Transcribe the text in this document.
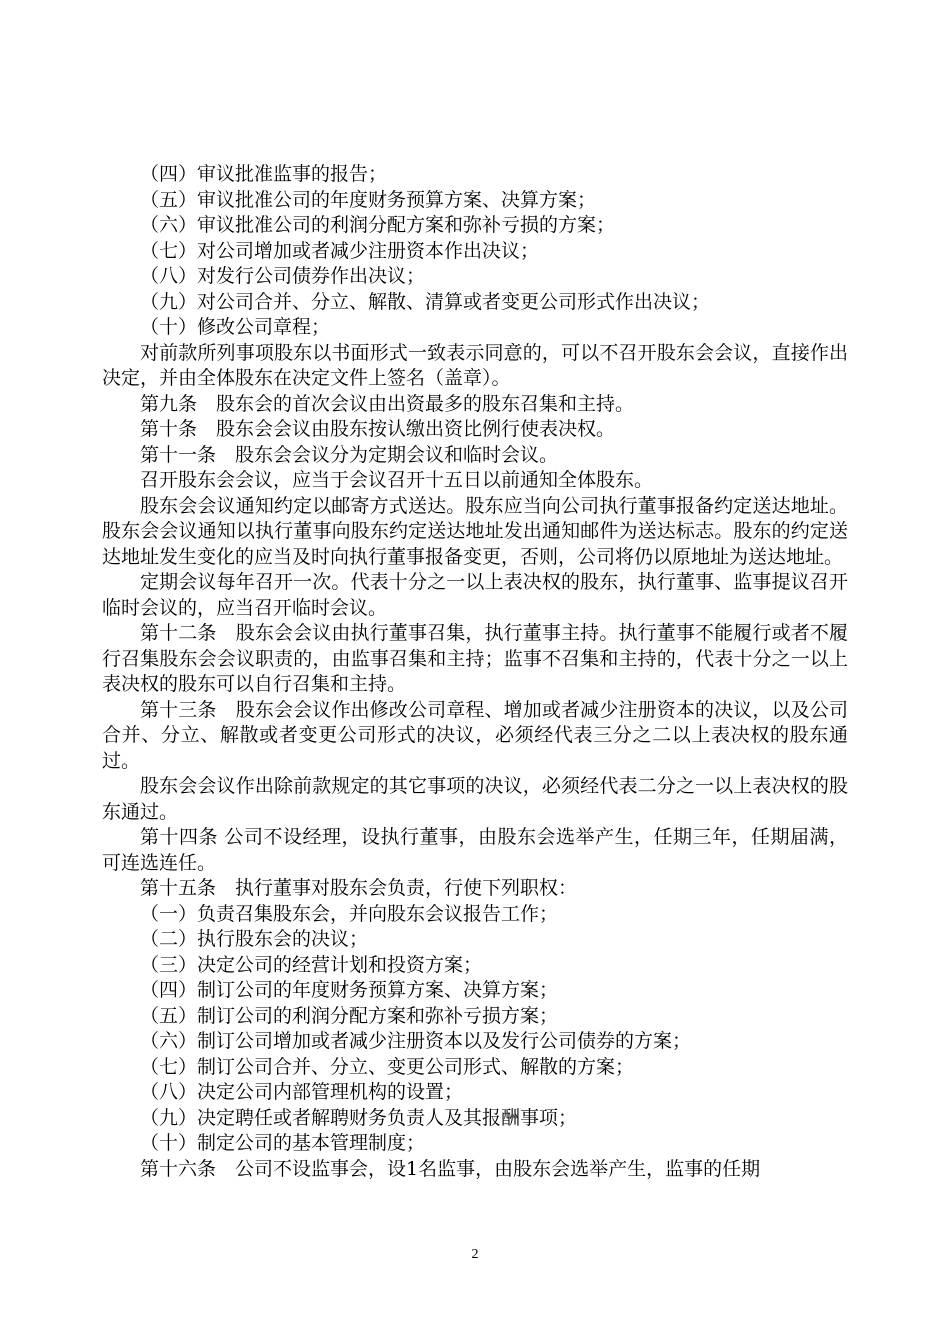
（四）审议批准监事的报告；

（五）审议批准公司的年度财务预算方案、决算方案；

（六）审议批准公司的利润分配方案和弥补亏损的方案；

（七）对公司增加或者减少注册资本作出决议；

（八）对发行公司债券作出决议；

（九）对公司合并、分立、解散、清算或者变更公司形式作出决议；

（十）修改公司章程；

对前款所列事项股东以书面形式一致表示同意的，可以不召开股东会会议，直接作出决定，并由全体股东在决定文件上签名（盖章）。

第九条　股东会的首次会议由出资最多的股东召集和主持。

第十条　股东会会议由股东按认缴出资比例行使表决权。

第十一条　股东会会议分为定期会议和临时会议。

召开股东会会议，应当于会议召开十五日以前通知全体股东。

股东会会议通知约定以邮寄方式送达。股东应当向公司执行董事报备约定送达地址。股东会会议通知以执行董事向股东约定送达地址发出通知邮件为送达标志。股东的约定送达地址发生变化的应当及时向执行董事报备变更，否则，公司将仍以原地址为送达地址。

定期会议每年召开一次。代表十分之一以上表决权的股东，执行董事、监事提议召开临时会议的，应当召开临时会议。

第十二条　股东会会议由执行董事召集，执行董事主持。执行董事不能履行或者不履行召集股东会会议职责的，由监事召集和主持；监事不召集和主持的，代表十分之一以上表决权的股东可以自行召集和主持。

第十三条　股东会会议作出修改公司章程、增加或者减少注册资本的决议，以及公司合并、分立、解散或者变更公司形式的决议，必须经代表三分之二以上表决权的股东通过。

股东会会议作出除前款规定的其它事项的决议，必须经代表二分之一以上表决权的股东通过。

第十四条 公司不设经理，设执行董事，由股东会选举产生，任期三年，任期届满，可连选连任。

第十五条　执行董事对股东会负责，行使下列职权：

（一）负责召集股东会，并向股东会议报告工作；

（二）执行股东会的决议；

（三）决定公司的经营计划和投资方案；

（四）制订公司的年度财务预算方案、决算方案；

（五）制订公司的利润分配方案和弥补亏损方案；

（六）制订公司增加或者减少注册资本以及发行公司债券的方案；

（七）制订公司合并、分立、变更公司形式、解散的方案；

（八）决定公司内部管理机构的设置；

（九）决定聘任或者解聘财务负责人及其报酬事项；

（十）制定公司的基本管理制度；

第十六条　公司不设监事会，设1名监事，由股东会选举产生，监事的任期

2
